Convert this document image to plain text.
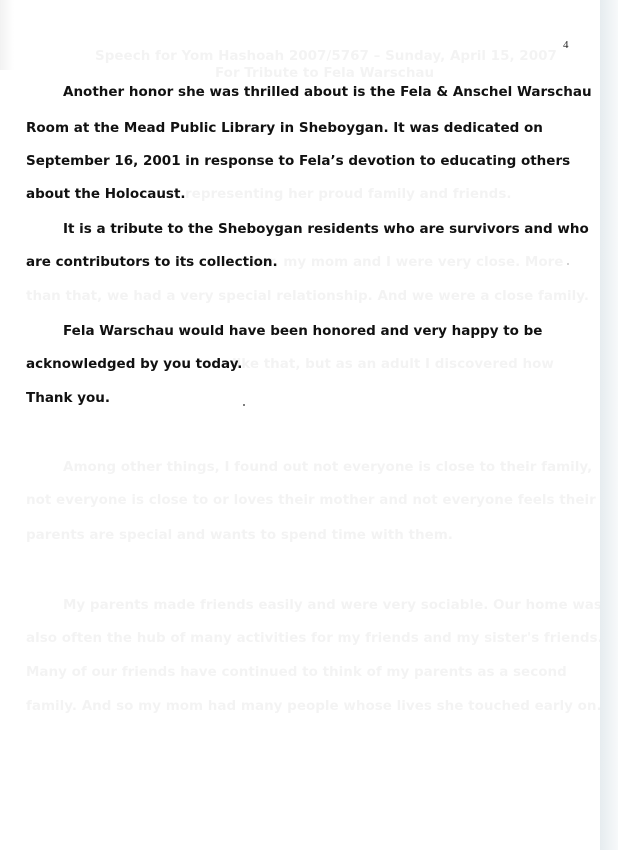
4
Another honor she was thrilled about is the Fela & Anschel Warschau
Room at the Mead Public Library in Sheboygan. It was dedicated on
September 16, 2001 in response to Fela’s devotion to educating others
about the Holocaust.
It is a tribute to the Sheboygan residents who are survivors and who
are contributors to its collection.
Fela Warschau would have been honored and very happy to be
acknowledged by you today.
Thank you.
